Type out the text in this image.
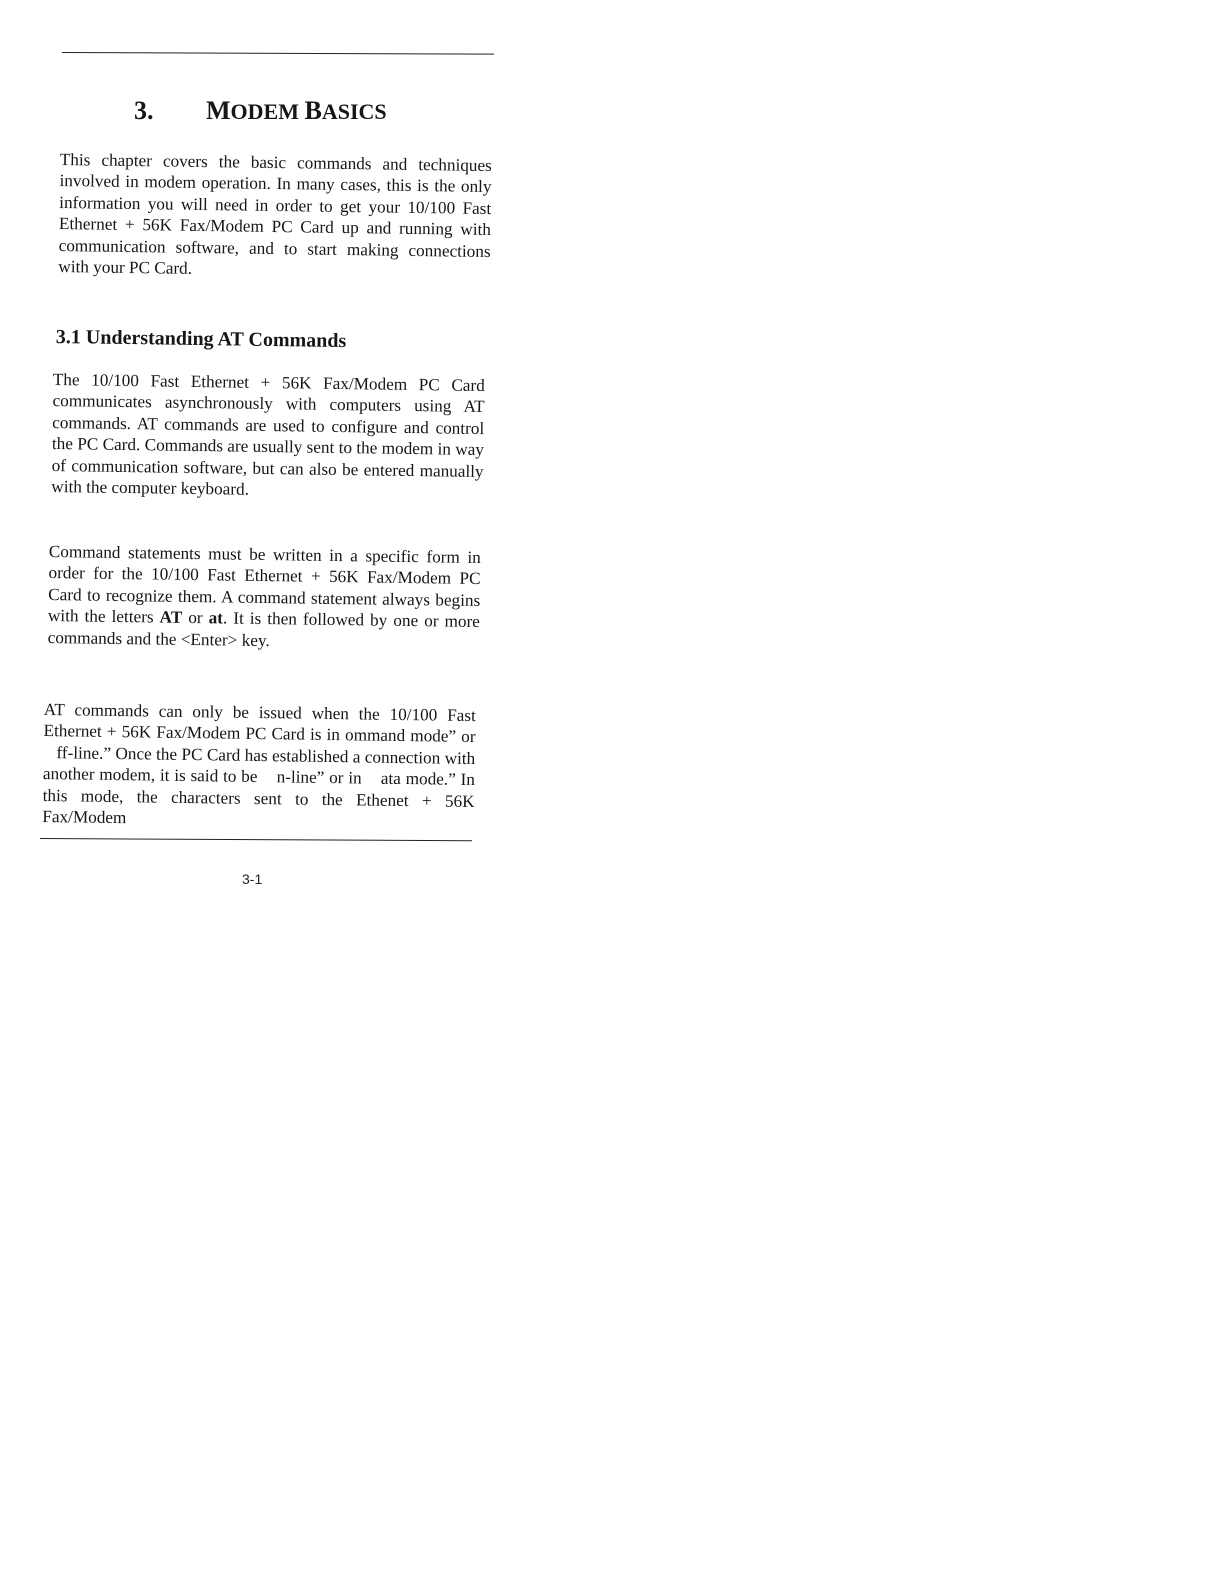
3. MODEM BASICS
This chapter covers the basic commands and techniques involved in modem operation. In many cases, this is the only information you will need in order to get your 10/100 Fast Ethernet + 56K Fax/Modem PC Card up and running with communication software, and to start making connections with your PC Card.
3.1 Understanding AT Commands
The 10/100 Fast Ethernet + 56K Fax/Modem PC Card communicates asynchronously with computers using AT commands. AT commands are used to configure and control the PC Card. Commands are usually sent to the modem in way of communication software, but can also be entered manually with the computer keyboard.
Command statements must be written in a specific form in order for the 10/100 Fast Ethernet + 56K Fax/Modem PC Card to recognize them. A command statement always begins with the letters AT or at. It is then followed by one or more commands and the <Enter> key.
AT commands can only be issued when the 10/100 Fast Ethernet + 56K Fax/Modem PC Card is in ommand mode” or    ff-line.” Once the PC Card has established a connection with another modem, it is said to be    n-line” or in    ata mode.” In this mode, the characters sent to the Ethenet + 56K Fax/Modem
3-1
